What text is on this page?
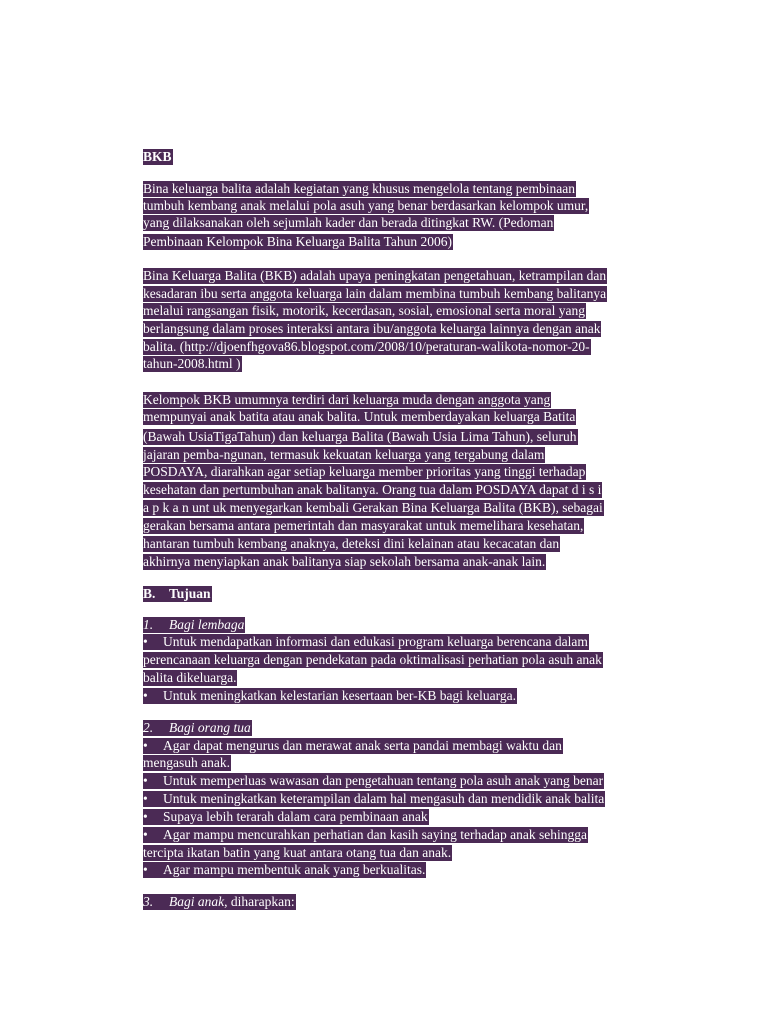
BKB
Bina keluarga balita adalah kegiatan yang khusus mengelola tentang pembinaan
tumbuh kembang anak melalui pola asuh yang benar berdasarkan kelompok umur,
yang dilaksanakan oleh sejumlah kader dan berada ditingkat RW. (Pedoman
Pembinaan Kelompok Bina Keluarga Balita Tahun 2006)
Bina Keluarga Balita (BKB) adalah upaya peningkatan pengetahuan, ketrampilan dan
kesadaran ibu serta anggota keluarga lain dalam membina tumbuh kembang balitanya
melalui rangsangan fisik, motorik, kecerdasan, sosial, emosional serta moral yang
berlangsung dalam proses interaksi antara ibu/anggota keluarga lainnya dengan anak
balita. (http://djoenfhgova86.blogspot.com/2008/10/peraturan-walikota-nomor-20-
tahun-2008.html )
Kelompok BKB umumnya terdiri dari keluarga muda dengan anggota yang
mempunyai anak batita atau anak balita. Untuk memberdayakan keluarga Batita
(Bawah UsiaTigaTahun) dan keluarga Balita (Bawah Usia Lima Tahun), seluruh
jajaran pemba-ngunan, termasuk kekuatan keluarga yang tergabung dalam
POSDAYA, diarahkan agar setiap keluarga member prioritas yang tinggi terhadap
kesehatan dan pertumbuhan anak balitanya. Orang tua dalam POSDAYA dapat d i s i
a p k a n unt uk menyegarkan kembali Gerakan Bina Keluarga Balita (BKB), sebagai
gerakan bersama antara pemerintah dan masyarakat untuk memelihara kesehatan,
hantaran tumbuh kembang anaknya, deteksi dini kelainan atau kecacatan dan
akhirnya menyiapkan anak balitanya siap sekolah bersama anak-anak lain.
B. Tujuan
1. Bagi lembaga
• Untuk mendapatkan informasi dan edukasi program keluarga berencana dalam
perencanaan keluarga dengan pendekatan pada oktimalisasi perhatian pola asuh anak
balita dikeluarga.
• Untuk meningkatkan kelestarian kesertaan ber-KB bagi keluarga.
2. Bagi orang tua
• Agar dapat mengurus dan merawat anak serta pandai membagi waktu dan
mengasuh anak.
• Untuk memperluas wawasan dan pengetahuan tentang pola asuh anak yang benar
• Untuk meningkatkan keterampilan dalam hal mengasuh dan mendidik anak balita
• Supaya lebih terarah dalam cara pembinaan anak
• Agar mampu mencurahkan perhatian dan kasih saying terhadap anak sehingga
tercipta ikatan batin yang kuat antara otang tua dan anak.
• Agar mampu membentuk anak yang berkualitas.
3. Bagi anak, diharapkan:
